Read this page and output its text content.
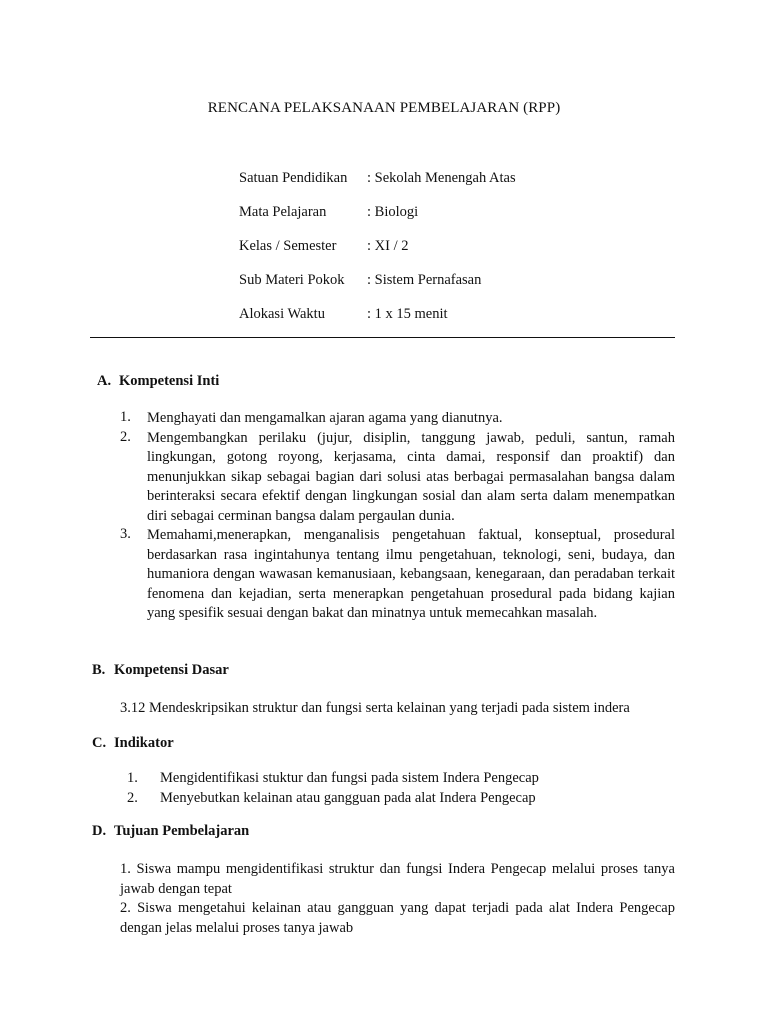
RENCANA PELAKSANAAN PEMBELAJARAN (RPP)
Satuan Pendidikan	: Sekolah Menengah Atas
Mata Pelajaran	: Biologi
Kelas / Semester	: XI / 2
Sub Materi Pokok	: Sistem Pernafasan
Alokasi Waktu	: 1 x 15 menit
A. Kompetensi Inti
1.	Menghayati dan mengamalkan ajaran agama yang dianutnya.
2.	Mengembangkan perilaku (jujur, disiplin, tanggung jawab, peduli, santun, ramah lingkungan, gotong royong, kerjasama, cinta damai, responsif dan proaktif) dan menunjukkan sikap sebagai bagian dari solusi atas berbagai permasalahan bangsa dalam berinteraksi secara efektif dengan lingkungan sosial dan alam serta dalam menempatkan diri sebagai cerminan bangsa dalam pergaulan dunia.
3.	Memahami,menerapkan, menganalisis pengetahuan faktual, konseptual, prosedural berdasarkan rasa ingintahunya tentang ilmu pengetahuan, teknologi, seni, budaya, dan humaniora dengan wawasan kemanusiaan, kebangsaan, kenegaraan, dan peradaban terkait fenomena dan kejadian, serta menerapkan pengetahuan prosedural pada bidang kajian yang spesifik sesuai dengan bakat dan minatnya untuk memecahkan masalah.
B. Kompetensi Dasar
3.12 Mendeskripsikan struktur dan fungsi serta kelainan yang terjadi pada sistem indera
C. Indikator
1.	Mengidentifikasi stuktur dan fungsi pada sistem Indera Pengecap
2.	Menyebutkan kelainan atau gangguan pada alat Indera Pengecap
D. Tujuan Pembelajaran

1. Siswa mampu mengidentifikasi struktur dan fungsi Indera Pengecap melalui proses tanya jawab dengan tepat

2. Siswa mengetahui kelainan atau gangguan yang dapat terjadi pada alat Indera Pengecap dengan jelas melalui proses tanya jawab
